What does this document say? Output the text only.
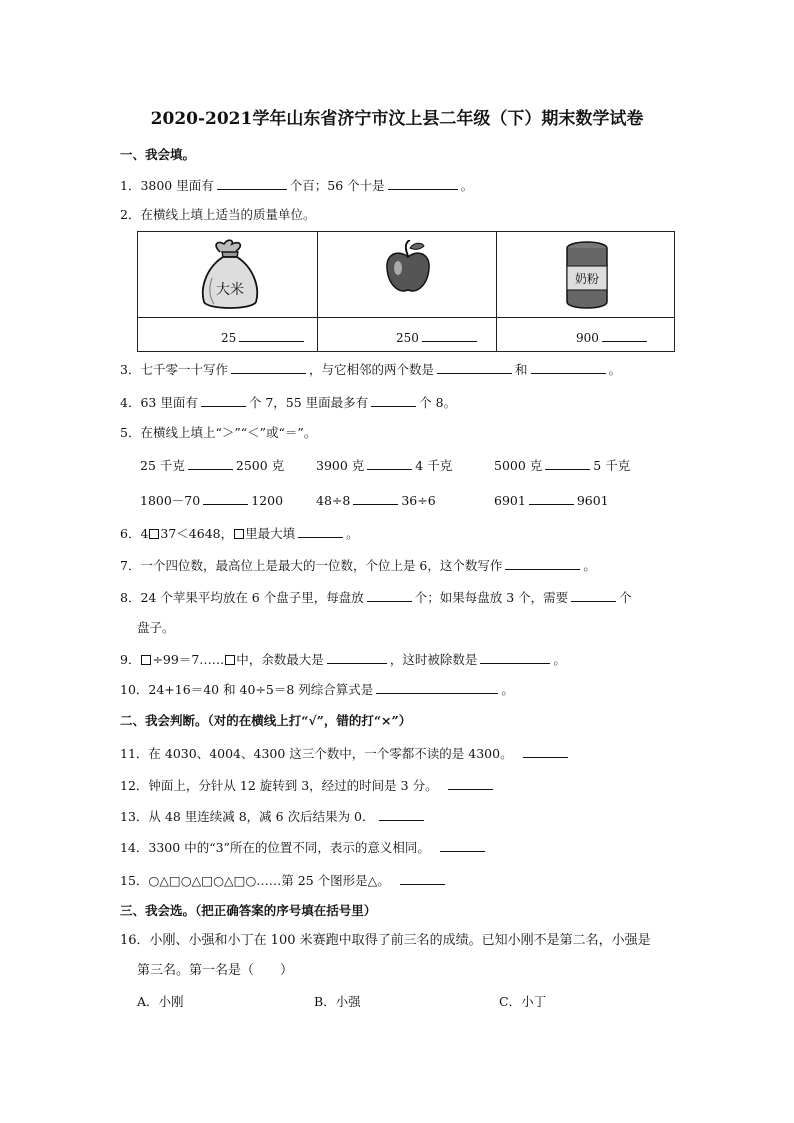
2020-2021学年山东省济宁市汶上县二年级（下）期末数学试卷
一、我会填。
1．3800 里面有	个百；56 个十是	。
2．在横线上填上适当的质量单位。
大米
奶粉
25	250	900
3．七千零一十写作	，与它相邻的两个数是	和	。
4．63 里面有	个 7，55 里面最多有	个 8。
5．在横线上填上“＞”“＜”或“＝”。
25 千克	2500 克	3900 克	4 千克	5000 克	5 千克
1800－70	1200	48÷8	36÷6	6901	9601
6．4 37＜4648， 里最大填	。
7．一个四位数，最高位上是最大的一位数，个位上是 6，这个数写作	。
8．24 个苹果平均放在 6 个盘子里，每盘放	个；如果每盘放 3 个，需要	个
盘子。
9． ÷99＝7…… 中，余数最大是	，这时被除数是	。
10．24+16＝40 和 40÷5＝8 列综合算式是	。
二、我会判断。（对的在横线上打“√”，错的打“×”）
11．在 4030、4004、4300 这三个数中，一个零都不读的是 4300。
12．钟面上，分针从 12 旋转到 3，经过的时间是 3 分。
13．从 48 里连续减 8，减 6 次后结果为 0．
14．3300 中的“3”所在的位置不同，表示的意义相同。
15．○△□○△□○△□○……第 25 个图形是△。
三、我会选。（把正确答案的序号填在括号里）
16．小刚、小强和小丁在 100 米赛跑中取得了前三名的成绩。已知小刚不是第二名，小强是
第三名。第一名是（　　）
A．小刚	B．小强	C．小丁
